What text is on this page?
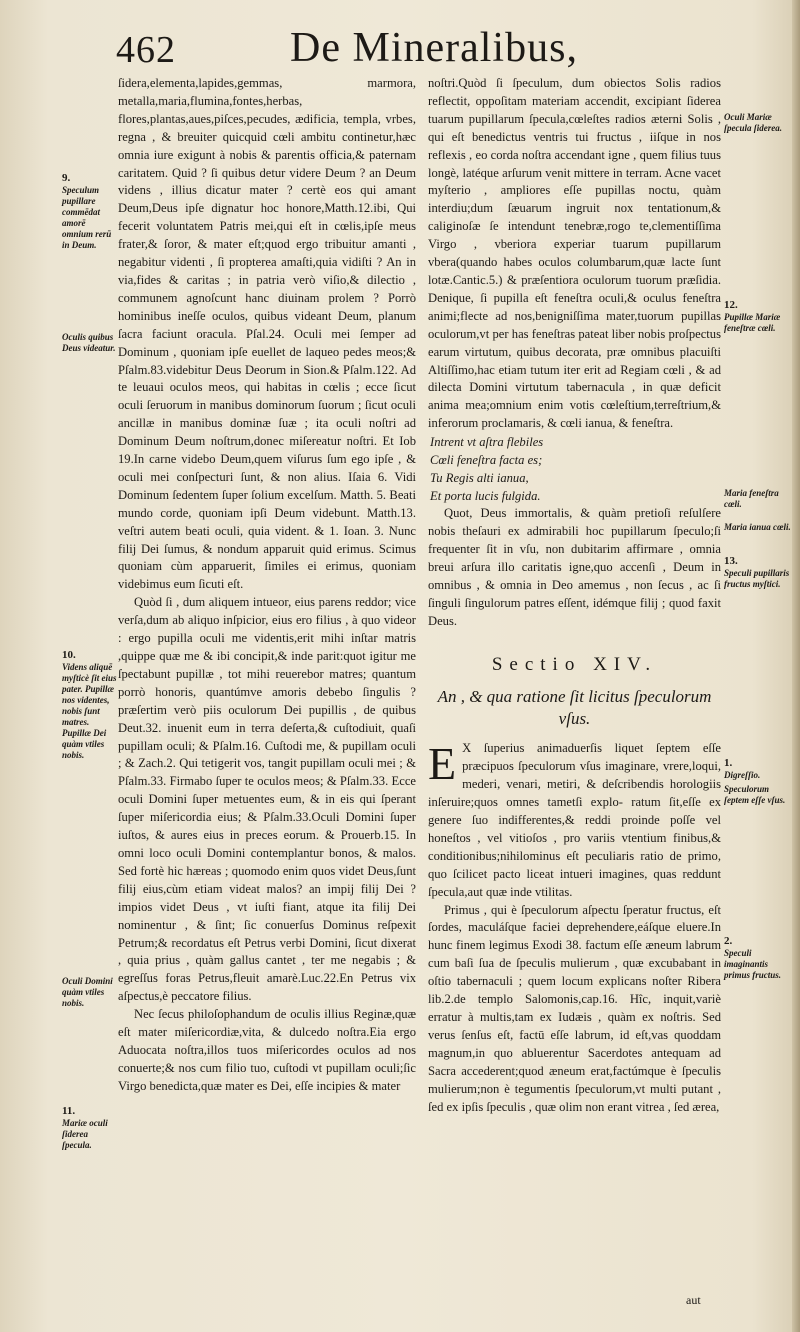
462	De Mineralibus,
9.
Speculum pupillare commēdat amorē omnium rerū in Deum.
Oculis quibus Deus videatur.
10.
Videns aliquē myſticè ſit eius pater. Pupillæ nos videntes, nobis ſunt matres. Pupillæ Dei quàm vtiles nobis.
Oculi Domini quàm vtiles nobis.
11.
Mariæ oculi ſiderea ſpecula.
Oculi Mariæ ſpecula ſiderea.
12.
Pupillæ Mariæ feneſtræ cœli.
Maria feneſtra cœli.
Maria ianua cœli.
13.
Speculi pupillaris fructus myſtici.
1.
Digreſſio.
Speculorum ſeptem eſſe vſus.
2.
Speculi imaginantis primus fructus.

ſidera,elementa,lapides,gemmas, marmora, metalla,maria,flumina,fontes,herbas, flores,plantas,aues,piſces,pecudes, ædificia, templa, vrbes, regna , & breuiter quicquid cœli ambitu continetur,hæc omnia iure exigunt à nobis & parentis officia,& paternam caritatem. Quid ? ſi quibus detur videre Deum ? an Deum videns , illius dicatur mater ? certè eos qui amant Deum,Deus ipſe dignatur hoc honore,Matth.12.ibi, Qui fecerit voluntatem Patris mei,qui eſt in cœlis,ipſe meus frater,& ſoror, & mater eſt;quod ergo tribuitur amanti , negabitur videnti , ſi propterea amaſti,quia vidiſti ? An in via,fides & caritas ; in patria verò viſio,& dilectio , communem agnoſcunt hanc diuinam prolem ? Porrò hominibus ineſſe oculos, quibus videant Deum, planum ſacra faciunt oracula. Pſal.24. Oculi mei ſemper ad Dominum , quoniam ipſe euellet de laqueo pedes meos;& Pſalm.83.videbitur Deus Deorum in Sion.& Pſalm.122. Ad te leuaui oculos meos, qui habitas in cœlis ; ecce ſicut oculi ſeruorum in manibus dominorum ſuorum ; ſicut oculi ancillæ in manibus dominæ ſuæ ; ita oculi noſtri ad Dominum Deum noſtrum,donec miſereatur noſtri. Et Iob 19.In carne videbo Deum,quem viſurus ſum ego ipſe , & oculi mei conſpecturi ſunt, & non alius. Iſaia 6. Vidi Dominum ſedentem ſuper ſolium excelſum. Matth. 5. Beati mundo corde, quoniam ipſi Deum videbunt. Matth.13. veſtri autem beati oculi, quia vident. & 1. Ioan. 3. Nunc filij Dei ſumus, & nondum apparuit quid erimus. Scimus quoniam cùm apparuerit, ſimiles ei erimus, quoniam videbimus eum ſicuti eſt.

Quòd ſi , dum aliquem intueor, eius parens reddor; vice verſa,dum ab aliquo inſpicior, eius ero filius , à quo videor : ergo pupilla oculi me videntis,erit mihi inſtar matris ,quippe quæ me & ibi concipit,& inde parit:quot igitur me ſpectabunt pupillæ , tot mihi reuerebor matres; quantum porrò honoris, quantúmve amoris debebo ſingulis ? præſertim verò piis oculorum Dei pupillis , de quibus Deut.32. inuenit eum in terra deſerta,& cuſtodiuit, quaſi pupillam oculi; & Pſalm.16. Cuſtodi me, & pupillam oculi ; & Zach.2. Qui tetigerit vos, tangit pupillam oculi mei ; & Pſalm.33. Firmabo ſuper te oculos meos; & Pſalm.33. Ecce oculi Domini ſuper metuentes eum, & in eis qui ſperant ſuper miſericordia eius; & Pſalm.33.Oculi Domini ſuper iuſtos, & aures eius in preces eorum. & Prouerb.15. In omni loco oculi Domini contemplantur bonos, & malos. Sed fortè hic hæreas ; quomodo enim quos videt Deus,ſunt filij eius,cùm etiam videat malos? an impij filij Dei ? impios videt Deus , vt iuſti fiant, atque ita filij Dei nominentur , & ſint; ſic conuerſus Dominus reſpexit Petrum;& recordatus eſt Petrus verbi Domini, ſicut dixerat , quia prius , quàm gallus cantet , ter me negabis ; & egreſſus foras Petrus,fleuit amarè.Luc.22.En Petrus vix aſpectus,è peccatore filius.

Nec ſecus philoſophandum de oculis illius Reginæ,quæ eſt mater miſericordiæ,vita, & dulcedo noſtra.Eia ergo Aduocata noſtra,illos tuos miſericordes oculos ad nos conuerte;& nos cum filio tuo, cuſtodi vt pupillam oculi;ſic Virgo benedicta,quæ mater es Dei, eſſe incipies & mater

noſtri.Quòd ſi ſpeculum, dum obiectos Solis radios reflectit, oppoſitam materiam accendit, excipiant ſiderea tuarum pupillarum ſpecula,cœleſtes radios æterni Solis , qui eſt benedictus ventris tui fructus , iiſque in nos reflexis , eo corda noſtra accendant igne , quem filius tuus longè, latéque arſurum venit mittere in terram. Acne vacet myſterio , ampliores eſſe pupillas noctu, quàm interdiu;dum ſæuarum ingruit nox tentationum,& caliginoſæ ſe intendunt tenebræ,rogo te,clementiſſima Virgo , vberiora experiar tuarum pupillarum vbera(quando habes oculos columbarum,quæ lacte ſunt lotæ.Cantic.5.) & præſentiora oculorum tuorum præſidia. Denique, ſi pupilla eſt feneſtra oculi,& oculus feneſtra animi;flecte ad nos,benigniſſima mater,tuorum pupillas oculorum,vt per has feneſtras pateat liber nobis proſpectus earum virtutum, quibus decorata, præ omnibus placuiſti Altiſſimo,hac etiam tutum iter erit ad Regiam cœli , & ad dilecta Domini virtutum tabernacula , in quæ deficit anima mea;omnium enim votis cœleſtium,terreſtrium,& inferorum proclamaris, & cœli ianua, & feneſtra.

Intrent vt aſtra flebiles
Cœli feneſtra facta es;
Tu Regis alti ianua,
Et porta lucis fulgida.

Quot, Deus immortalis, & quàm pretioſi reſulſere nobis theſauri ex admirabili hoc pupillarum ſpeculo;ſi frequenter ſit in vſu, non dubitarim affirmare , omnia breui arſura illo caritatis igne,quo accenſi , Deum in omnibus , & omnia in Deo amemus , non ſecus , ac ſi ſinguli ſingulorum patres eſſent, idémque filij ; quod faxit Deus.

Sectio XIV.
An , & qua ratione ſit licitus ſpeculorum vſus.

E X ſuperius animaduerſis liquet ſeptem eſſe præcipuos ſpeculorum vſus imaginare, vrere,loqui, mederi, venari, metiri, & deſcribendis horologiis inſeruire;quos omnes tametſi explo- ratum ſit,eſſe ex genere ſuo indifferentes,& reddi proinde poſſe vel honeſtos , vel vitioſos , pro variis vtentium finibus,& conditionibus;nihilominus eſt peculiaris ratio de primo, quo ſcilicet pacto liceat intueri imagines, quas reddunt ſpecula,aut quæ inde vtilitas.

Primus , qui è ſpeculorum aſpectu ſperatur fructus, eſt ſordes, maculáſque faciei deprehendere,eáſque eluere.In hunc finem legimus Exodi 38. factum eſſe æneum labrum cum baſi ſua de ſpeculis mulierum , quæ excubabant in oſtio tabernaculi ; quem locum explicans noſter Ribera lib.2.de templo Salomonis,cap.16. Hîc, inquit,variè erratur à multis,tam ex Iudæis , quàm ex noſtris. Sed verus ſenſus eſt, factū eſſe labrum, id eſt,vas quoddam magnum,in quo abluerentur Sacerdotes antequam ad Sacra accederent;quod æneum erat,factúmque è ſpeculis mulierum;non è tegumentis ſpeculorum,vt multi putant , ſed ex ipſis ſpeculis , quæ olim non erant vitrea , ſed ærea,

aut
